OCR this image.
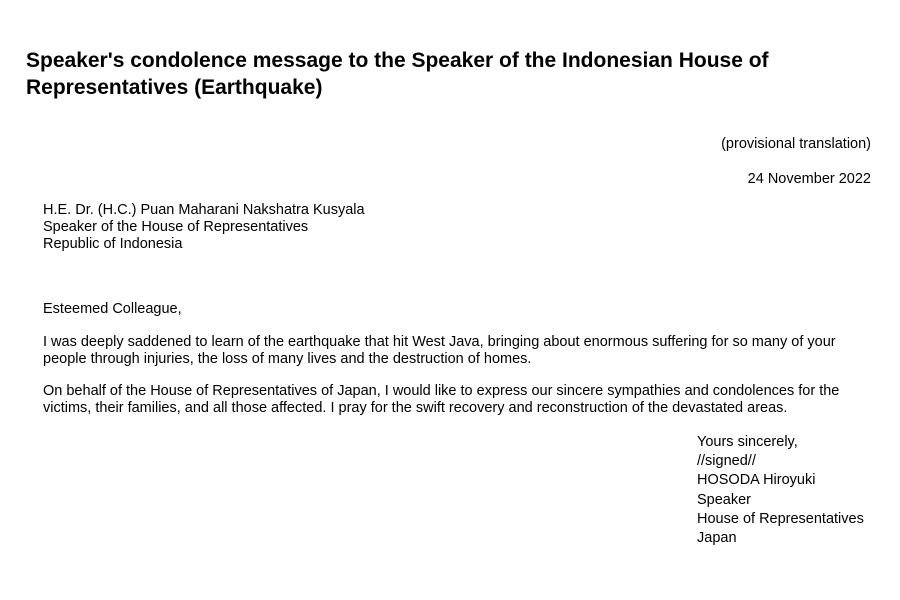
Speaker's condolence message to the Speaker of the Indonesian House of Representatives (Earthquake)
(provisional translation)
24 November 2022
H.E. Dr. (H.C.) Puan Maharani Nakshatra Kusyala
Speaker of the House of Representatives
Republic of Indonesia
Esteemed Colleague,

I was deeply saddened to learn of the earthquake that hit West Java, bringing about enormous suffering for so many of your people through injuries, the loss of many lives and the destruction of homes.

On behalf of the House of Representatives of Japan, I would like to express our sincere sympathies and condolences for the victims, their families, and all those affected. I pray for the swift recovery and reconstruction of the devastated areas.

Yours sincerely,
//signed//
HOSODA Hiroyuki
Speaker
House of Representatives
Japan
